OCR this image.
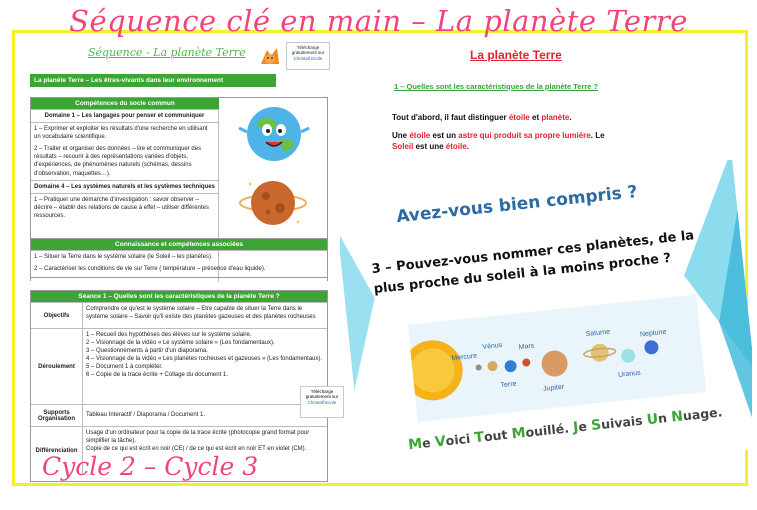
Séquence clé en main – La planète Terre
Séquence - La planète Terre	Télécharge
gratuitement sur
Christall Ecole
La planète Terre – Les êtres-vivants dans leur environnement
Compétences du socle commun
Domaine 1 – Les langages pour penser et communiquer
1 – Exprimer et exploiter les résultats d'une recherche en utilisant un vocabulaire scientifique.
2 – Traiter et organiser des données – lire et communiquer des résultats – recourir à des représentations variées d'objets, d'expériences, de phénomènes naturels (schémas, dessins d'observation, maquettes…).
Domaine 4 – Les systèmes naturels et les systèmes techniques
1 – Pratiquer une démarche d'investigation : savoir observer – décrire – établir des relations de cause à effet – utiliser différentes ressources.
Connaissance et compétences associées
1 – Situer la Terre dans le système solaire (le Soleil – les planètes).
2 – Caractériser les conditions de vie sur Terre ( température – présence d'eau liquide).
Séance 1 – Quelles sont les caractéristiques de la planète Terre ?
Objectifs
Comprendre ce qu'est le système solaire – Etre capable de situer la Terre dans le système solaire – Savoir qu'il existe des planètes gazeuses et des planètes rocheuses
Déroulement
1 – Recueil des hypothèses des élèves sur le système solaire.
2 – Visionnage de la vidéo « Le système solaire » (Les fondamentaux).
3 – Questionnements à partir d'un diaporama.
4 – Visionnage de la vidéo « Les planètes rocheuses et gazeuses » (Les fondamentaux).
5 – Document 1 à compléter.
6 – Copie de la trace écrite + Collage du document 1.
Supports Organisation
Tableau Interactif / Diaporama / Document 1.
Différenciation
Usage d'un ordinateur pour la copie de la trace écrite (photocopie grand format pour simplifier la tâche).
Copie de ce qui est écrit en noir (CE) / de ce qui est écrit en noir ET en violet (CM).
Télécharge
gratuitement sur
Christall Ecole
La planète Terre
1 – Quelles sont les caractéristiques de la planète Terre ?
Tout d'abord, il faut distinguer étoile et planète.
Une étoile est un astre qui produit sa propre lumière. Le
Soleil est une étoile.
Avez-vous bien compris ?
3 – Pouvez-vous nommer ces planètes, de la plus proche du soleil à la moins proche ?
Mercure
Vénus
Terre
Mars
Jupiter
Saturne
Uranus
Neptune
Me Voici Tout Mouillé. Je Suivais Un Nuage.
Cycle 2 – Cycle 3
